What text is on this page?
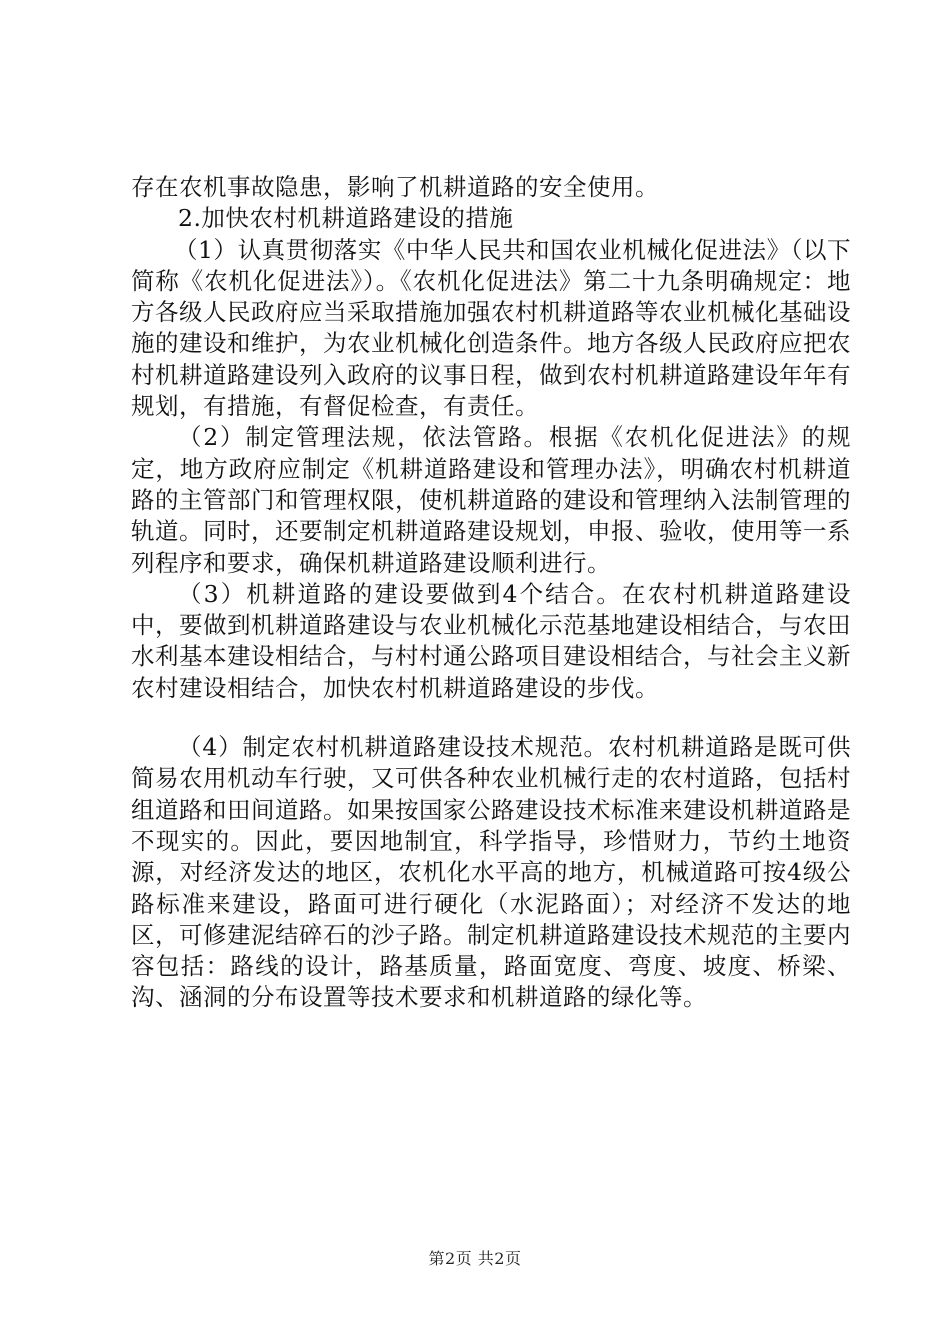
存在农机事故隐患，影响了机耕道路的安全使用。

2.加快农村机耕道路建设的措施

（1）认真贯彻落实《中华人民共和国农业机械化促进法》（以下简称《农机化促进法》）。《农机化促进法》第二十九条明确规定：地方各级人民政府应当采取措施加强农村机耕道路等农业机械化基础设施的建设和维护，为农业机械化创造条件。地方各级人民政府应把农村机耕道路建设列入政府的议事日程，做到农村机耕道路建设年年有规划，有措施，有督促检查，有责任。

（2）制定管理法规，依法管路。根据《农机化促进法》的规定，地方政府应制定《机耕道路建设和管理办法》，明确农村机耕道路的主管部门和管理权限，使机耕道路的建设和管理纳入法制管理的轨道。同时，还要制定机耕道路建设规划，申报、验收，使用等一系列程序和要求，确保机耕道路建设顺利进行。

（3）机耕道路的建设要做到4个结合。在农村机耕道路建设中，要做到机耕道路建设与农业机械化示范基地建设相结合，与农田水利基本建设相结合，与村村通公路项目建设相结合，与社会主义新农村建设相结合，加快农村机耕道路建设的步伐。

（4）制定农村机耕道路建设技术规范。农村机耕道路是既可供简易农用机动车行驶，又可供各种农业机械行走的农村道路，包括村组道路和田间道路。如果按国家公路建设技术标准来建设机耕道路是不现实的。因此，要因地制宜，科学指导，珍惜财力，节约土地资源，对经济发达的地区，农机化水平高的地方，机械道路可按4级公路标准来建设，路面可进行硬化（水泥路面）；对经济不发达的地区，可修建泥结碎石的沙子路。制定机耕道路建设技术规范的主要内容包括：路线的设计，路基质量，路面宽度、弯度、坡度、桥梁、沟、涵洞的分布设置等技术要求和机耕道路的绿化等。

第2页 共2页
